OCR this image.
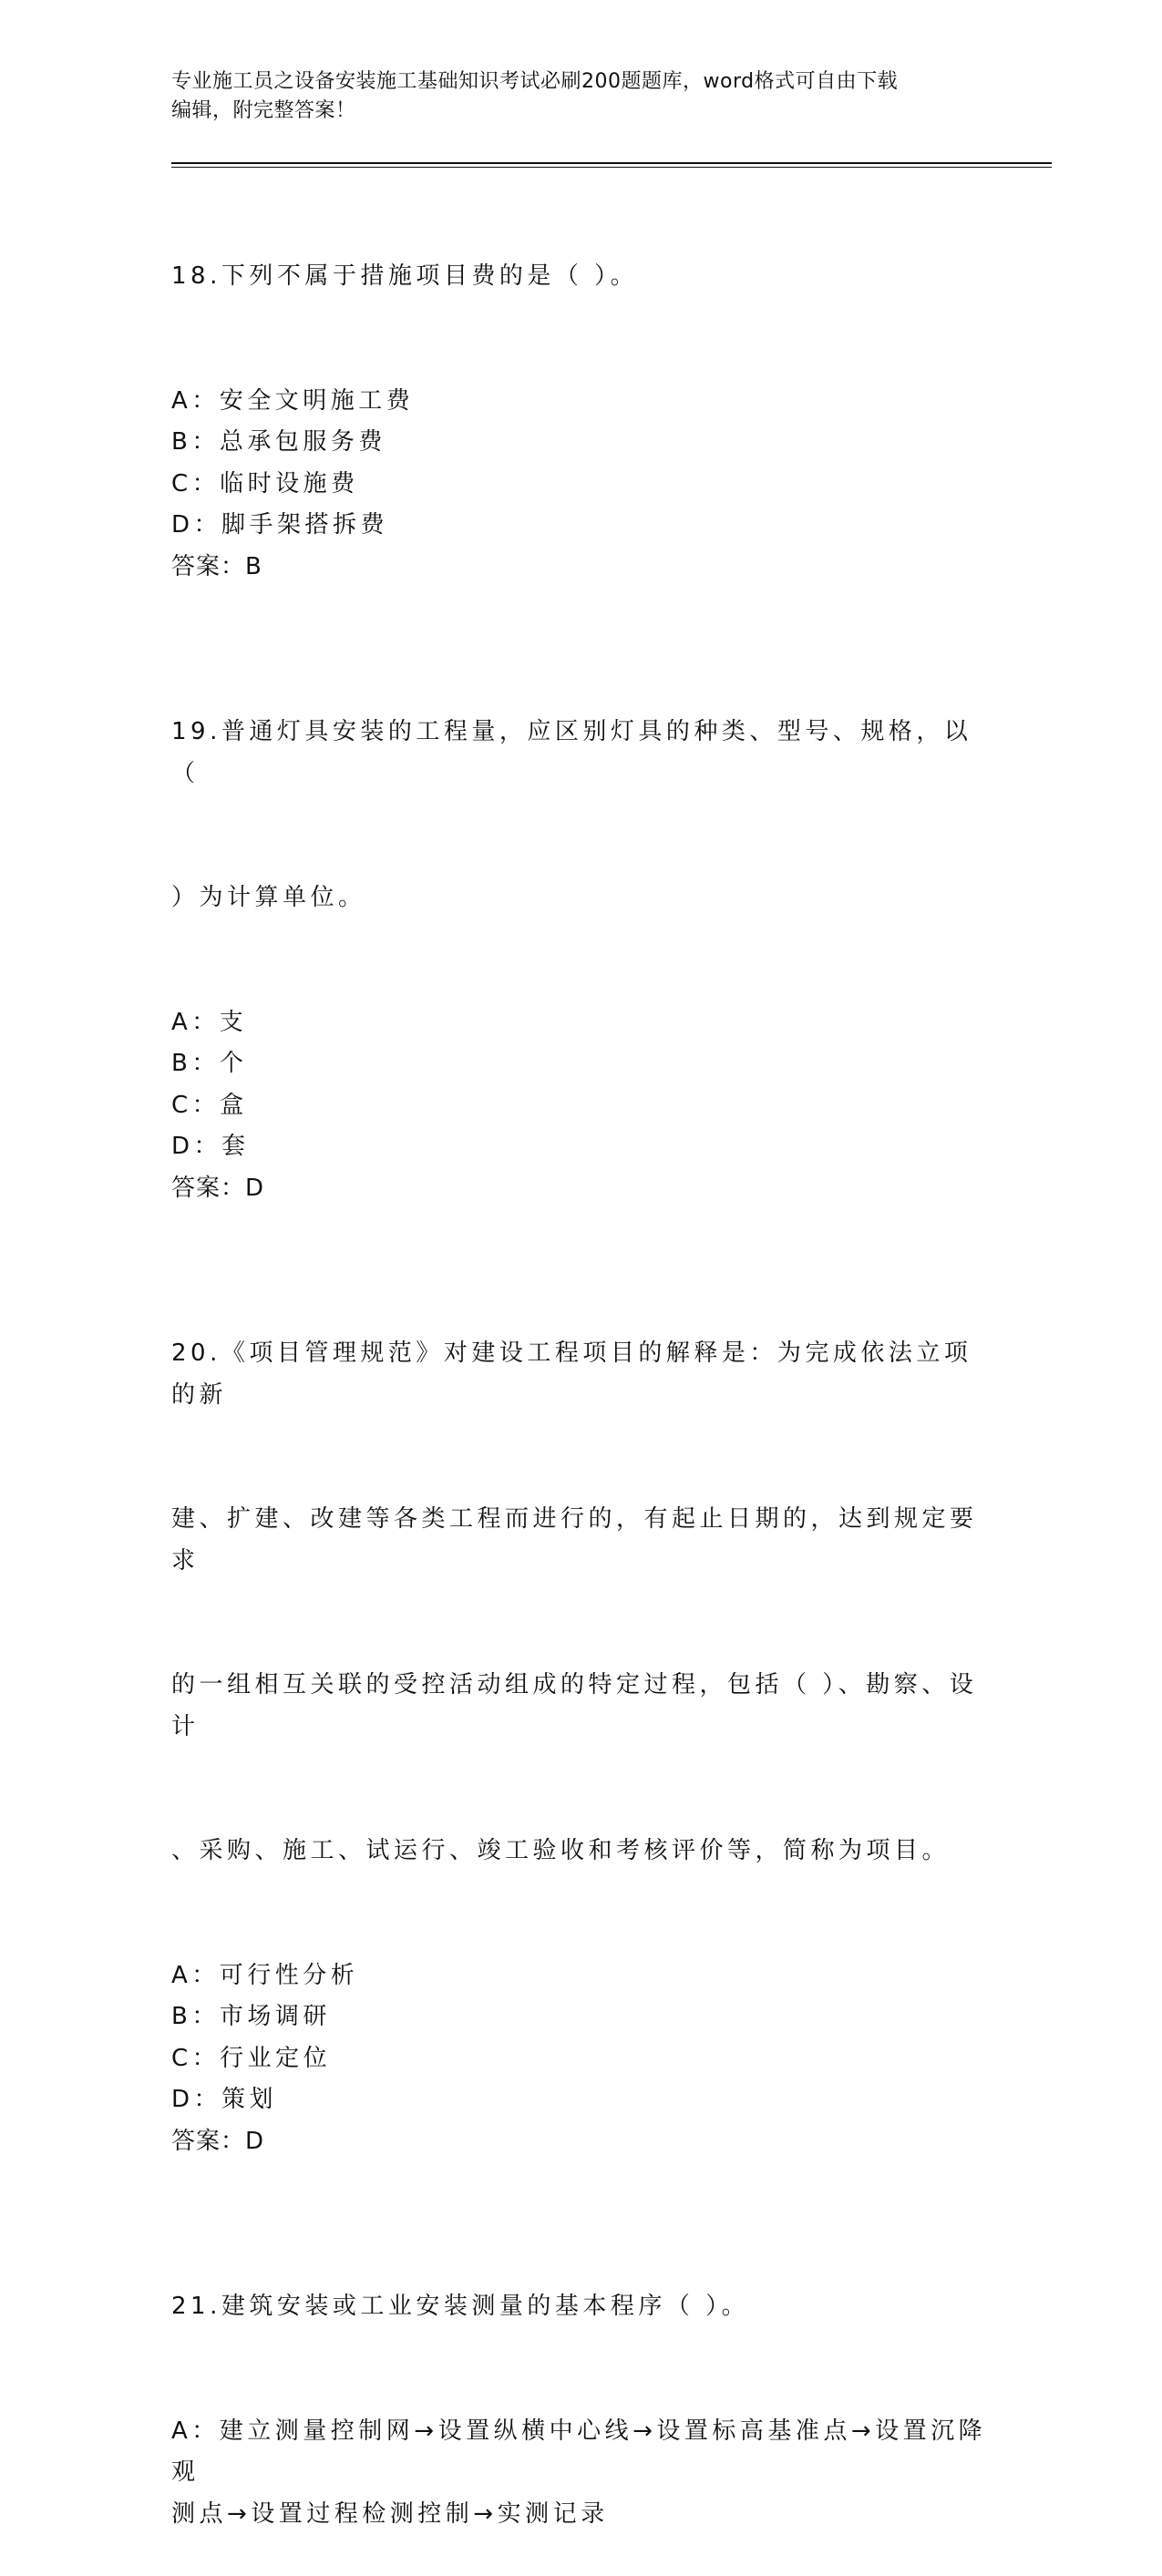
专业施工员之设备安装施工基础知识考试必刷200题题库，word格式可自由下载
编辑，附完整答案！

18.下列不属于措施项目费的是（ ）。

A：安全文明施工费
B：总承包服务费
C：临时设施费
D：脚手架搭拆费
答案：B

19.普通灯具安装的工程量，应区别灯具的种类、型号、规格，以（

）为计算单位。

A：支
B：个
C：盒
D：套
答案：D

20.《项目管理规范》对建设工程项目的解释是：为完成依法立项的新

建、扩建、改建等各类工程而进行的，有起止日期的，达到规定要求

的一组相互关联的受控活动组成的特定过程，包括（ ）、勘察、设计

、采购、施工、试运行、竣工验收和考核评价等，简称为项目。

A：可行性分析
B：市场调研
C：行业定位
D：策划
答案：D

21.建筑安装或工业安装测量的基本程序（ ）。

A：建立测量控制网→设置纵横中心线→设置标高基准点→设置沉降观
测点→设置过程检测控制→实测记录
